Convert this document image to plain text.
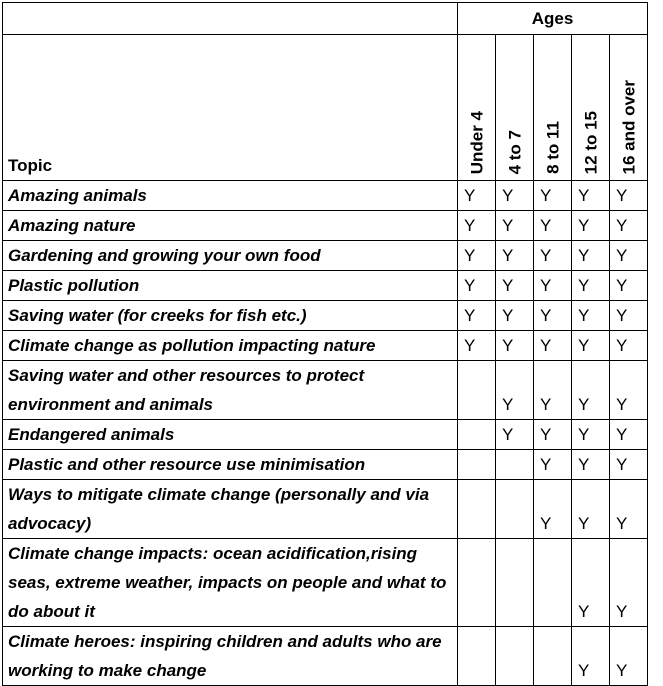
	Ages				
Topic	Under 4	4 to 7	8 to 11	12 to 15	16 and over

Amazing animals	Y	Y	Y	Y	Y
Amazing nature	Y	Y	Y	Y	Y
Gardening and growing your own food	Y	Y	Y	Y	Y
Plastic pollution	Y	Y	Y	Y	Y
Saving water (for creeks for fish etc.)	Y	Y	Y	Y	Y
Climate change as pollution impacting nature	Y	Y	Y	Y	Y
Saving water and other resources to protect environment and animals		Y	Y	Y	Y
Endangered animals		Y	Y	Y	Y
Plastic and other resource use minimisation			Y	Y	Y
Ways to mitigate climate change (personally and via advocacy)			Y	Y	Y
Climate change impacts: ocean acidification,rising seas, extreme weather, impacts on people and what to do about it				Y	Y
Climate heroes: inspiring children and adults who are working to make change				Y	Y
